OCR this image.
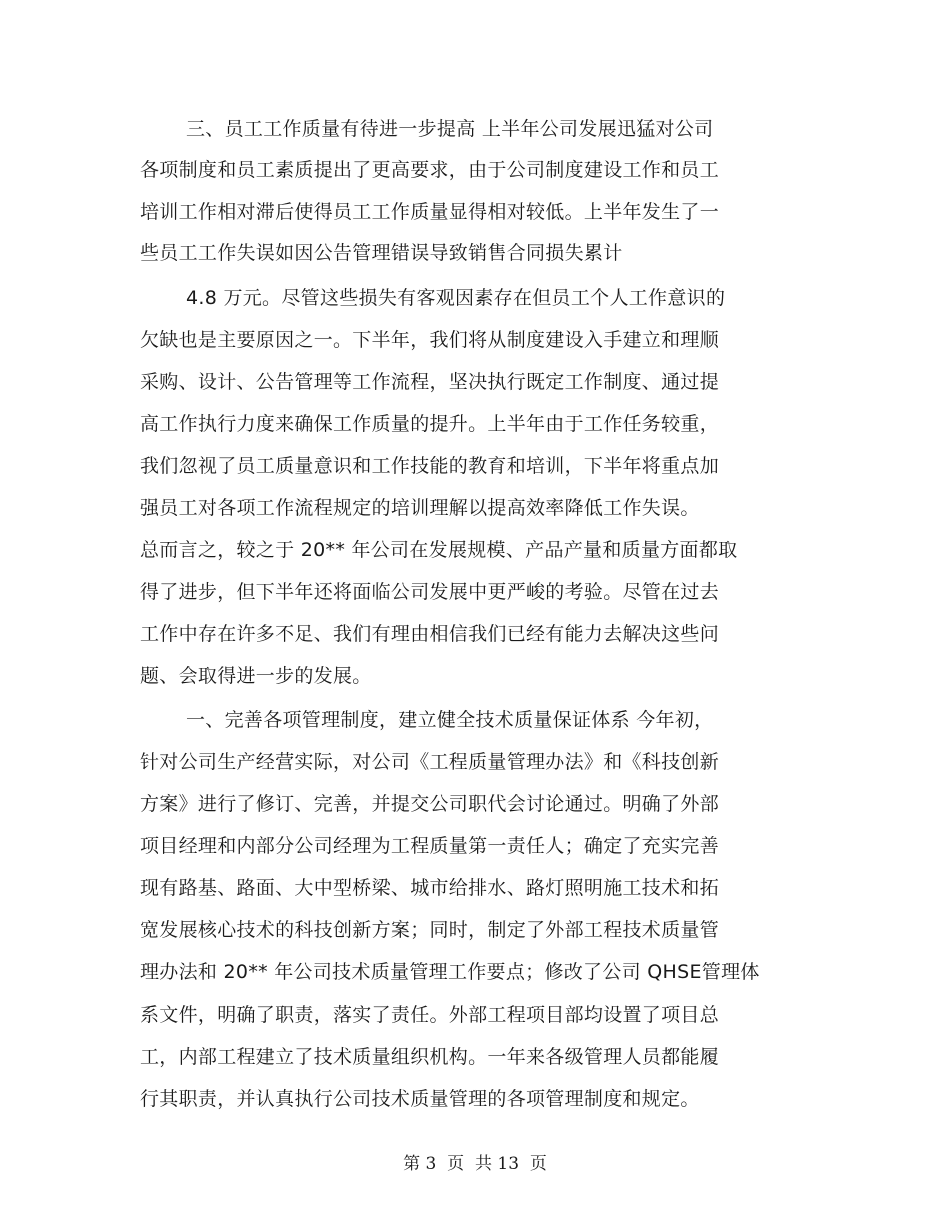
三、员工工作质量有待进一步提高 上半年公司发展迅猛对公司
各项制度和员工素质提出了更高要求，由于公司制度建设工作和员工
培训工作相对滞后使得员工工作质量显得相对较低。上半年发生了一
些员工工作失误如因公告管理错误导致销售合同损失累计
4.8 万元。尽管这些损失有客观因素存在但员工个人工作意识的
欠缺也是主要原因之一。下半年，我们将从制度建设入手建立和理顺
采购、设计、公告管理等工作流程，坚决执行既定工作制度、通过提
高工作执行力度来确保工作质量的提升。上半年由于工作任务较重，
我们忽视了员工质量意识和工作技能的教育和培训，下半年将重点加
强员工对各项工作流程规定的培训理解以提高效率降低工作失误。
总而言之，较之于 20** 年公司在发展规模、产品产量和质量方面都取
得了进步，但下半年还将面临公司发展中更严峻的考验。尽管在过去
工作中存在许多不足、我们有理由相信我们已经有能力去解决这些问
题、会取得进一步的发展。
一、完善各项管理制度，建立健全技术质量保证体系 今年初，
针对公司生产经营实际，对公司《工程质量管理办法》和《科技创新
方案》进行了修订、完善，并提交公司职代会讨论通过。明确了外部
项目经理和内部分公司经理为工程质量第一责任人；确定了充实完善
现有路基、路面、大中型桥梁、城市给排水、路灯照明施工技术和拓
宽发展核心技术的科技创新方案；同时，制定了外部工程技术质量管
理办法和 20** 年公司技术质量管理工作要点；修改了公司 QHSE管理体
系文件，明确了职责，落实了责任。外部工程项目部均设置了项目总
工，内部工程建立了技术质量组织机构。一年来各级管理人员都能履
行其职责，并认真执行公司技术质量管理的各项管理制度和规定。
第 3  页  共 13  页
